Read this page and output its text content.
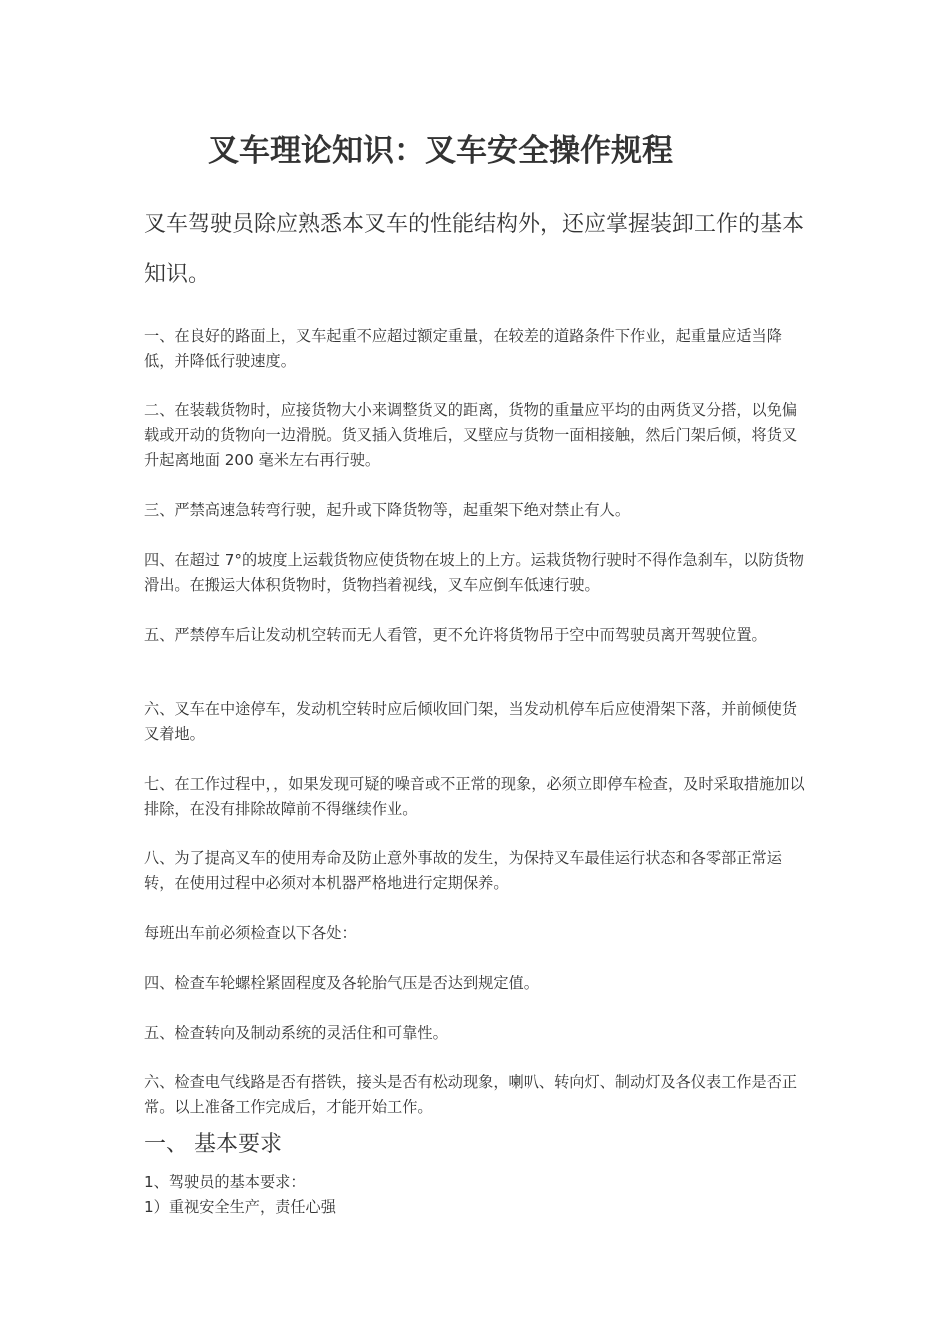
叉车理论知识：叉车安全操作规程
叉车驾驶员除应熟悉本叉车的性能结构外，还应掌握装卸工作的基本知识。
一、在良好的路面上，叉车起重不应超过额定重量，在较差的道路条件下作业，起重量应适当降低，并降低行驶速度。
二、在装载货物时，应接货物大小来调整货叉的距离，货物的重量应平均的由两货叉分搭，以免偏载或开动的货物向一边滑脱。货叉插入货堆后，叉壁应与货物一面相接触，然后门架后倾，将货叉升起离地面 200 毫米左右再行驶。
三、严禁高速急转弯行驶，起升或下降货物等，起重架下绝对禁止有人。
四、在超过 7°的坡度上运载货物应使货物在坡上的上方。运栽货物行驶时不得作急刹车，以防货物滑出。在搬运大体积货物时，货物挡着视线，叉车应倒车低速行驶。
五、严禁停车后让发动机空转而无人看管，更不允许将货物吊于空中而驾驶员离开驾驶位置。
六、叉车在中途停车，发动机空转时应后倾收回门架，当发动机停车后应使滑架下落，并前倾使货叉着地。
七、在工作过程中，，如果发现可疑的噪音或不正常的现象，必须立即停车检查，及时采取措施加以排除，在没有排除故障前不得继续作业。
八、为了提高叉车的使用寿命及防止意外事故的发生，为保持叉车最佳运行状态和各零部正常运转，在使用过程中必须对本机器严格地进行定期保养。
每班出车前必须检查以下各处：
四、检查车轮螺栓紧固程度及各轮胎气压是否达到规定值。
五、检查转向及制动系统的灵活住和可靠性。
六、检查电气线路是否有搭铁，接头是否有松动现象，喇叭、转向灯、制动灯及各仪表工作是否正常。以上准备工作完成后，才能开始工作。
一、 基本要求
1、驾驶员的基本要求：
1）重视安全生产，责任心强
